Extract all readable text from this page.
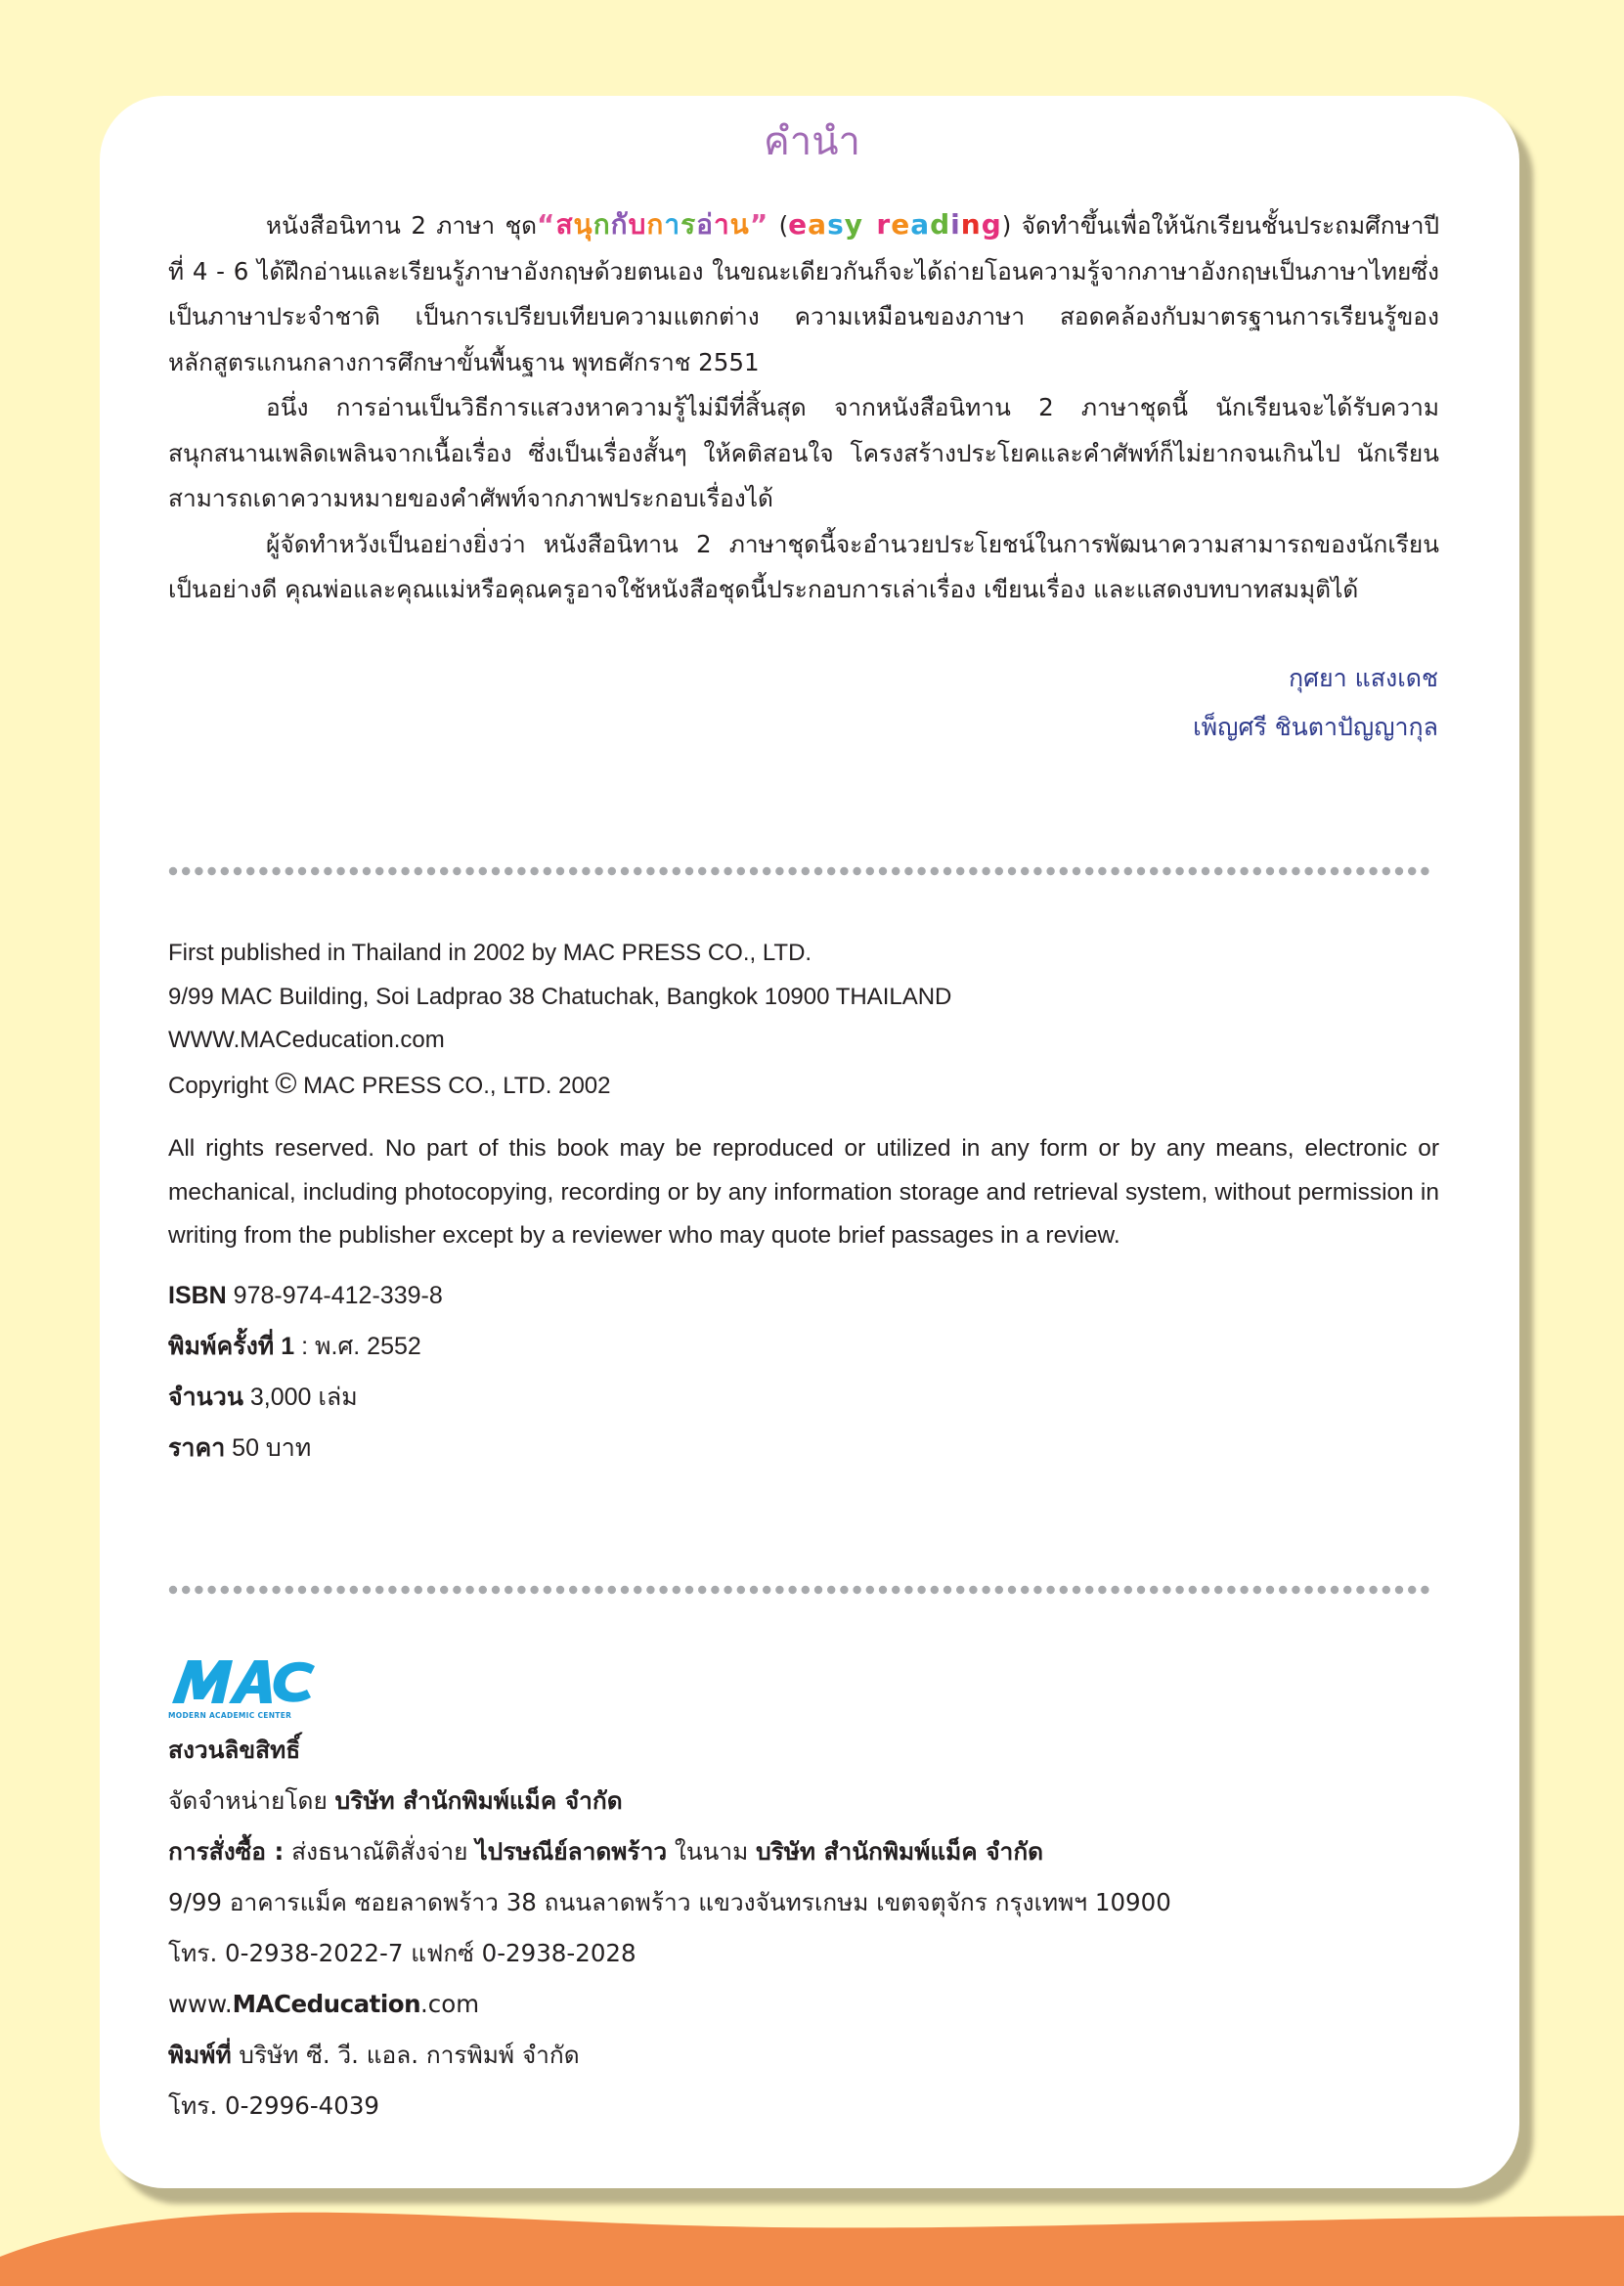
คำนำ

หนังสือนิทาน 2 ภาษา ชุด“สนกกบการอาน” (easy reading) จัดทำขึ้นเพื่อให้นักเรียนชั้นประถมศึกษาปีที่ 4 - 6 ได้ฝึกอ่านและเรียนรู้ภาษาอังกฤษด้วยตนเอง ในขณะเดียวกันก็จะได้ถ่ายโอนความรู้จากภาษาอังกฤษเป็นภาษาไทยซึ่งเป็นภาษาประจำชาติ เป็นการเปรียบเทียบความแตกต่าง ความเหมือนของภาษา สอดคล้องกับมาตรฐานการเรียนรู้ของหลักสูตรแกนกลางการศึกษาขั้นพื้นฐาน พุทธศักราช 2551

อนึ่ง การอ่านเป็นวิธีการแสวงหาความรู้ไม่มีที่สิ้นสุด จากหนังสือนิทาน 2 ภาษาชุดนี้ นักเรียนจะได้รับความสนุกสนานเพลิดเพลินจากเนื้อเรื่อง ซึ่งเป็นเรื่องสั้นๆ ให้คติสอนใจ โครงสร้างประโยคและคำศัพท์ก็ไม่ยากจนเกินไป นักเรียนสามารถเดาความหมายของคำศัพท์จากภาพประกอบเรื่องได้

ผู้จัดทำหวังเป็นอย่างยิ่งว่า หนังสือนิทาน 2 ภาษาชุดนี้จะอำนวยประโยชน์ในการพัฒนาความสามารถของนักเรียนเป็นอย่างดี คุณพ่อและคุณแม่หรือคุณครูอาจใช้หนังสือชุดนี้ประกอบการเล่าเรื่อง เขียนเรื่อง และแสดงบทบาทสมมุติได้

กุศยา แสงเดช
เพ็ญศรี ชินตาปัญญากุล
First published in Thailand in 2002 by MAC PRESS CO., LTD.
9/99 MAC Building, Soi Ladprao 38 Chatuchak, Bangkok 10900 THAILAND
WWW.MACeducation.com
Copyright © MAC PRESS CO., LTD. 2002

All rights reserved. No part of this book may be reproduced or utilized in any form or by any means, electronic or mechanical, including photocopying, recording or by any information storage and retrieval system, without permission in writing from the publisher except by a reviewer who may quote brief passages in a review.

ISBN 978-974-412-339-8
พิมพ์ครั้งที่ 1 : พ.ศ. 2552
จำนวน 3,000 เล่ม
ราคา 50 บาท
MODERN ACADEMIC CENTER
สงวนลิขสิทธิ์
จัดจำหน่ายโดย บริษัท สำนักพิมพ์แม็ค จำกัด
การสั่งซื้อ : ส่งธนาณัติสั่งจ่าย ไปรษณีย์ลาดพร้าว ในนาม บริษัท สำนักพิมพ์แม็ค จำกัด
9/99 อาคารแม็ค ซอยลาดพร้าว 38 ถนนลาดพร้าว แขวงจันทรเกษม เขตจตุจักร กรุงเทพฯ 10900
โทร. 0-2938-2022-7 แฟกซ์ 0-2938-2028
www.MACeducation.com
พิมพ์ที่ บริษัท ซี. วี. แอล. การพิมพ์ จำกัด
โทร. 0-2996-4039
